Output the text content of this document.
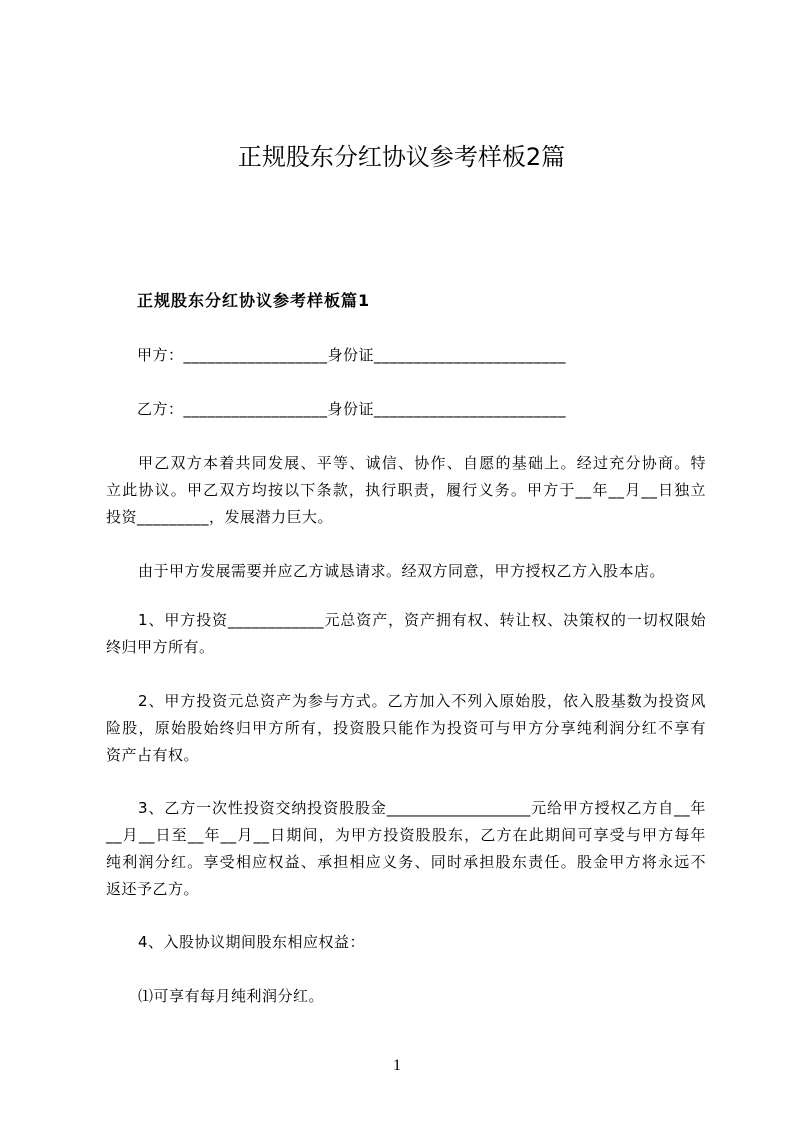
正规股东分红协议参考样板2篇
正规股东分红协议参考样板篇1
甲方：__________________身份证________________________
乙方：__________________身份证________________________
甲乙双方本着共同发展、平等、诚信、协作、自愿的基础上。经过充分协商。特
立此协议。甲乙双方均按以下条款，执行职责，履行义务。甲方于__年__月__日独立
投资_________，发展潜力巨大。
由于甲方发展需要并应乙方诚恳请求。经双方同意，甲方授权乙方入股本店。
1、甲方投资____________元总资产，资产拥有权、转让权、决策权的一切权限始
终归甲方所有。
2、甲方投资元总资产为参与方式。乙方加入不列入原始股，依入股基数为投资风
险股，原始股始终归甲方所有，投资股只能作为投资可与甲方分享纯利润分红不享有
资产占有权。
3、乙方一次性投资交纳投资股股金__________________元给甲方授权乙方自__年
__月__日至__年__月__日期间，为甲方投资股股东，乙方在此期间可享受与甲方每年
纯利润分红。享受相应权益、承担相应义务、同时承担股东责任。股金甲方将永远不
返还予乙方。
4、入股协议期间股东相应权益：
⑴可享有每月纯利润分红。
1
